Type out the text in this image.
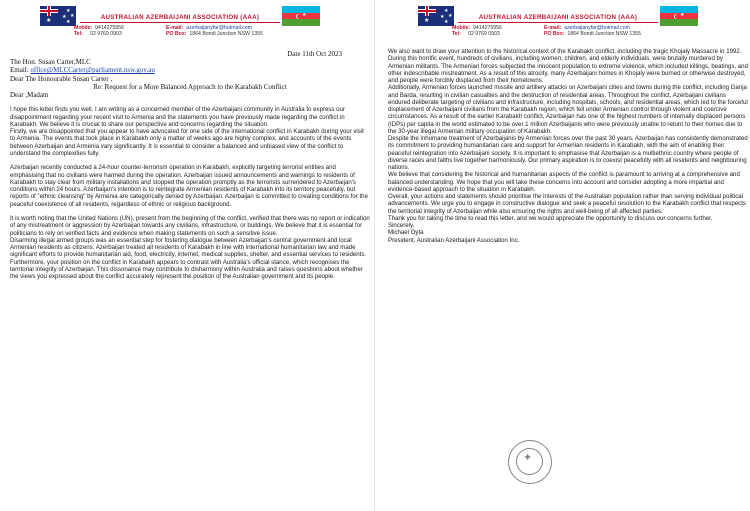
★
★
★ ★
★
AUSTRALIAN AZERBAIJANI ASSOCIATION (AAA)
Mobile: 0414275956
Tel: 02 9769 0903
E-mail: azerbaijanyfar@hotmail.com
PO Box: 1864 Bondi Junction NSW 1355
★

Date 11th Oct 2023

The Hon. Susan Carter,MLC

Email: office@MLCCarter@parliament.nsw.gov.au

Dear The Honourable Susan Carter ,

Re: Request for a More Balanced Approach to the Karabakh Conflict

Dear ,Madam

I hope this letter finds you well. I am writing as a concerned member of the Azerbaijani community in Australia to express our disappointment regarding your recent visit to Armenia and the statements you have previously made regarding the conflict in Karabakh. We believe it is crucial to share our perspective and concerns regarding the situation.

Firstly, we are disappointed that you appear to have advocated for one side of the international conflict in Karabakh during your visit to Armenia. The events that took place in Karabakh only a matter of weeks ago are highly complex, and accounts of the events between Azerbaijan and Armenia vary significantly. It is essential to consider a balanced and unbiased view of the conflict to understand the complexities fully.

Azerbaijan recently conducted a 24-hour counter-terrorism operation in Karabakh, explicitly targeting terrorist entities and emphasising that no civilians were harmed during the operation. Azerbaijan issued announcements and warnings to residents of Karabakh to stay clear from military installations and stopped the operation promptly as the terrorists surrendered to Azerbaijan's conditions within 24 hours. Azerbaijan's intention is to reintegrate Armenian residents of Karabakh into its territory peacefully, but reports of "ethnic cleansing" by Armenia are categorically denied by Azerbaijan. Azerbaijan is committed to creating conditions for the peaceful coexistence of all residents, regardless of ethnic or religious background.

It is worth noting that the United Nations (UN), present from the beginning of the conflict, verified that there was no report or indication of any mistreatment or aggression by Azerbaijan towards any civilians, infrastructure, or buildings. We believe that it is essential for politicians to rely on verified facts and evidence when making statements on such a sensitive issue.

Disarming illegal armed groups was an essential step for fostering dialogue between Azerbaijan's central government and local Armenian residents as citizens. Azerbaijan treated all residents of Karabakh in line with international humanitarian law and made significant efforts to provide humanitarian aid, food, electricity, internet, medical supplies, shelter, and essential services to residents.

Furthermore, your position on the conflict in Karabakh appears to contrast with Australia's official stance, which recognises the territorial integrity of Azerbaijan. This dissonance may contribute to disharmony within Australia and raises questions about whether the views you expressed about the conflict accurately represent the position of the Australian government and its people.

★
★
★ ★
★
AUSTRALIAN AZERBAIJANI ASSOCIATION (AAA)
Mobile: 0414275956
Tel: 02 9769 0903
E-mail: azerbaijanyfar@hotmail.com
PO Box: 1864 Bondi Junction NSW 1355
★

We also want to draw your attention to the historical context of the Karabakh conflict, including the tragic Khojaly Massacre in 1992. During this horrific event, hundreds of civilians, including women, children, and elderly individuals, were brutally murdered by Armenian militants. The Armenian forces subjected the innocent population to extreme violence, which included killings, beatings, and other indescribable mistreatment. As a result of this atrocity, many Azerbaijani homes in Khojaly were burned or otherwise destroyed, and people were forcibly displaced from their hometowns.

Additionally, Armenian forces launched missile and artillery attacks on Azerbaijani cities and towns during the conflict, including Ganja and Barda, resulting in civilian casualties and the destruction of residential areas. Throughout the conflict, Azerbaijani civilians endured deliberate targeting of civilians and infrastructure, including hospitals, schools, and residential areas, which led to the forceful displacement of Azerbaijani civilians from the Karabakh region, which fell under Armenian control through violent and coercive circumstances. As a result of the earlier Karabakh conflict, Azerbaijan has one of the highest numbers of internally displaced persons (IDPs) per capita in the world estimated to be over 1 million Azerbaijanis who were previously unable to return to their homes due to the 30-year illegal Armenian military occupation of Karabakh.

Despite the inhumane treatment of Azerbaijanis by Armenian forces over the past 30 years, Azerbaijan has consistently demonstrated its commitment to providing humanitarian care and support for Armenian residents in Karabakh, with the aim of enabling their peaceful reintegration into Azerbaijani society. It is important to emphasise that Azerbaijan is a multiethnic country where people of diverse races and faiths live together harmoniously. Our primary aspiration is to coexist peacefully with all residents and neighbouring nations.

We believe that considering the historical and humanitarian aspects of the conflict is paramount to arriving at a comprehensive and balanced understanding. We hope that you will take these concerns into account and consider adopting a more impartial and evidence-based approach to the situation in Karabakh.

Overall, your actions and statements should prioritise the interests of the Australian population rather than serving individual political advancements. We urge you to engage in constructive dialogue and seek a peaceful resolution to the Karabakh conflict that respects the territorial integrity of Azerbaijan while also ensuring the rights and well-being of all affected parties.

Thank you for taking the time to read this letter, and we would appreciate the opportunity to discuss our concerns further.

Sincerely,

Michael Oyta

President, Australian Azerbaijani Association Inc.

✦
